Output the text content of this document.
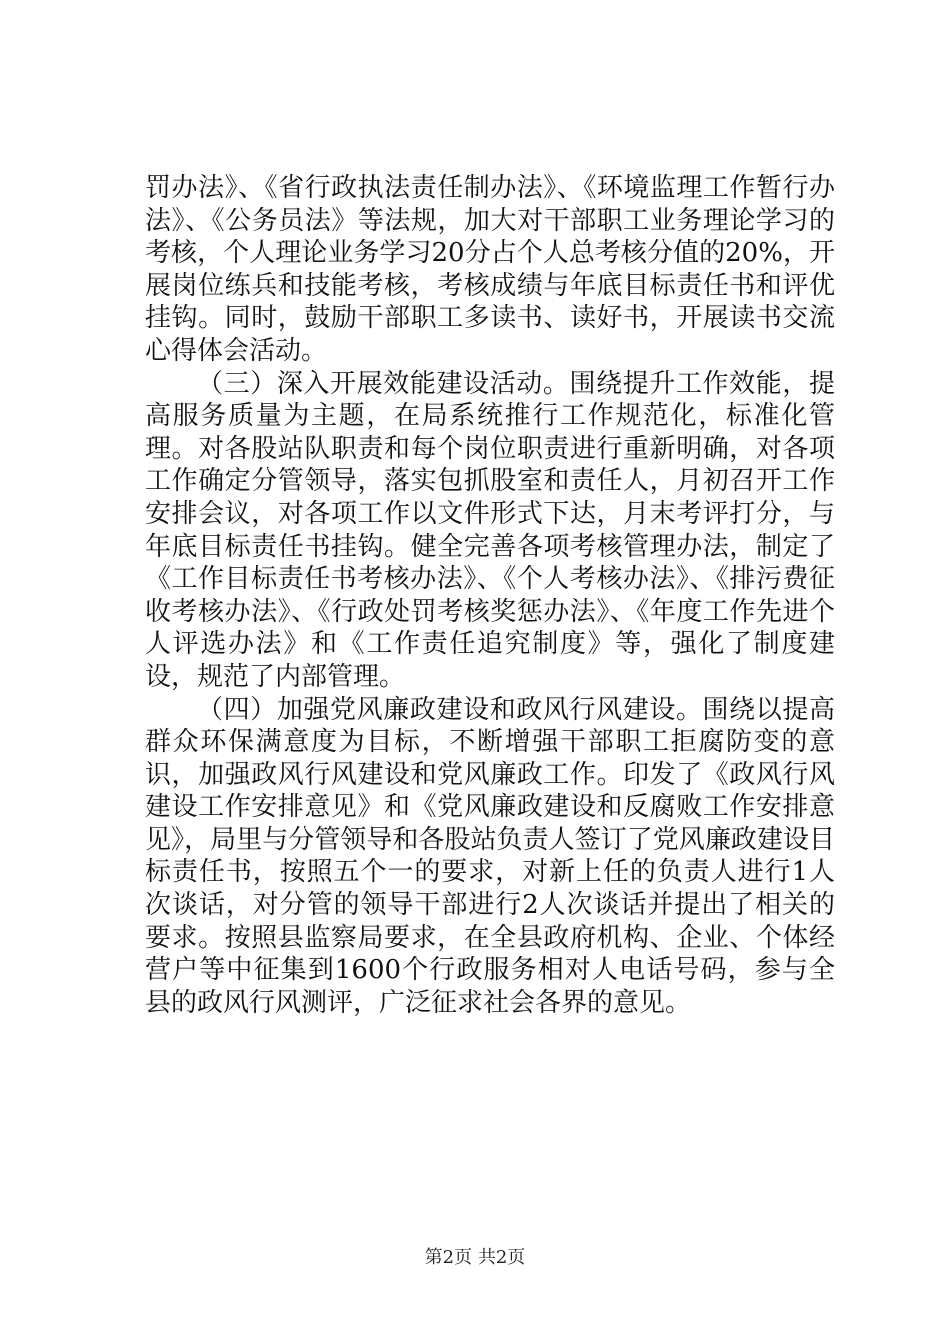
罚办法》、《省行政执法责任制办法》、《环境监理工作暂行办法》、《公务员法》等法规，加大对干部职工业务理论学习的考核，个人理论业务学习20分占个人总考核分值的20%，开展岗位练兵和技能考核，考核成绩与年底目标责任书和评优挂钩。同时，鼓励干部职工多读书、读好书，开展读书交流心得体会活动。

（三）深入开展效能建设活动。围绕提升工作效能，提高服务质量为主题，在局系统推行工作规范化，标准化管理。对各股站队职责和每个岗位职责进行重新明确，对各项工作确定分管领导，落实包抓股室和责任人，月初召开工作安排会议，对各项工作以文件形式下达，月末考评打分，与年底目标责任书挂钩。健全完善各项考核管理办法，制定了《工作目标责任书考核办法》、《个人考核办法》、《排污费征收考核办法》、《行政处罚考核奖惩办法》、《年度工作先进个人评选办法》和《工作责任追究制度》等，强化了制度建设，规范了内部管理。

（四）加强党风廉政建设和政风行风建设。围绕以提高群众环保满意度为目标，不断增强干部职工拒腐防变的意识，加强政风行风建设和党风廉政工作。印发了《政风行风建设工作安排意见》和《党风廉政建设和反腐败工作安排意见》，局里与分管领导和各股站负责人签订了党风廉政建设目标责任书，按照五个一的要求，对新上任的负责人进行1人次谈话，对分管的领导干部进行2人次谈话并提出了相关的要求。按照县监察局要求，在全县政府机构、企业、个体经营户等中征集到1600个行政服务相对人电话号码，参与全县的政风行风测评，广泛征求社会各界的意见。

第2页 共2页
